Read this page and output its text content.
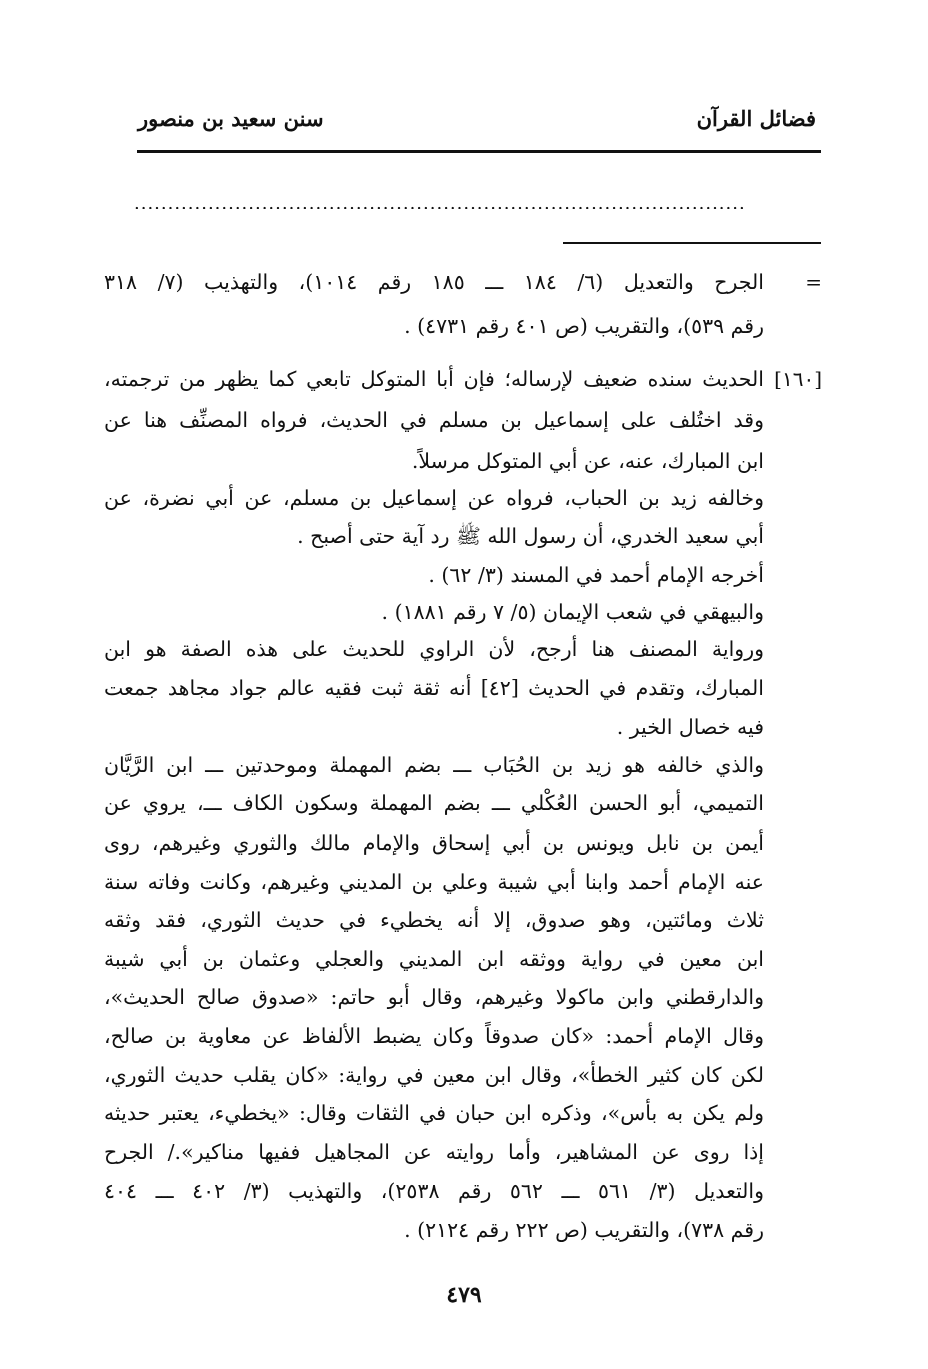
فضائل القرآن
سنن سعيد بن منصور
...........................................................................................
=
الجرح والتعديل (٦/ ١٨٤ ـــ ١٨٥ رقم ١٠١٤)، والتهذيب (٧/ ٣١٨
رقم ٥٣٩)، والتقريب (ص ٤٠١ رقم ٤٧٣١) .
[١٦٠]
الحديث سنده ضعيف لإرساله؛ فإن أبا المتوكل تابعي كما يظهر من ترجمته،
وقد اختُلف على إسماعيل بن مسلم في الحديث، فرواه المصنِّف هنا عن
ابن المبارك، عنه، عن أبي المتوكل مرسلاً.
وخالفه زيد بن الحباب، فرواه عن إسماعيل بن مسلم، عن أبي نضرة، عن
أبي سعيد الخدري، أن رسول الله ﷺ رد آية حتى أصبح .
أخرجه الإمام أحمد في المسند (٣/ ٦٢) .
والبيهقي في شعب الإيمان (٥/ ٧ رقم ١٨٨١) .
ورواية المصنف هنا أرجح، لأن الراوي للحديث على هذه الصفة هو ابن
المبارك، وتقدم في الحديث [٤٢] أنه ثقة ثبت فقيه عالم جواد مجاهد جمعت
فيه خصال الخير .
والذي خالفه هو زيد بن الحُبَاب ـــ بضم المهملة وموحدتين ـــ ابن الرَّيَّان
التميمي، أبو الحسن العُكْلي ـــ بضم المهملة وسكون الكاف ـــ، يروي عن
أيمن بن نابل ويونس بن أبي إسحاق والإمام مالك والثوري وغيرهم، روى
عنه الإمام أحمد وابنا أبي شيبة وعلي بن المديني وغيرهم، وكانت وفاته سنة
ثلاث ومائتين، وهو صدوق، إلا أنه يخطيء في حديث الثوري، فقد وثقه
ابن معين في رواية ووثقه ابن المديني والعجلي وعثمان بن أبي شيبة
والدارقطني وابن ماكولا وغيرهم، وقال أبو حاتم: «صدوق صالح الحديث»،
وقال الإمام أحمد: «كان صدوقاً وكان يضبط الألفاظ عن معاوية بن صالح،
لكن كان كثير الخطأ»، وقال ابن معين في رواية: «كان يقلب حديث الثوري،
ولم يكن به بأس»، وذكره ابن حبان في الثقات وقال: «يخطيء، يعتبر حديثه
إذا روى عن المشاهير، وأما روايته عن المجاهيل ففيها مناكير»./ الجرح
والتعديل (٣/ ٥٦١ ـــ ٥٦٢ رقم ٢٥٣٨)، والتهذيب (٣/ ٤٠٢ ـــ ٤٠٤
رقم ٧٣٨)، والتقريب (ص ٢٢٢ رقم ٢١٢٤) .
٤٧٩
